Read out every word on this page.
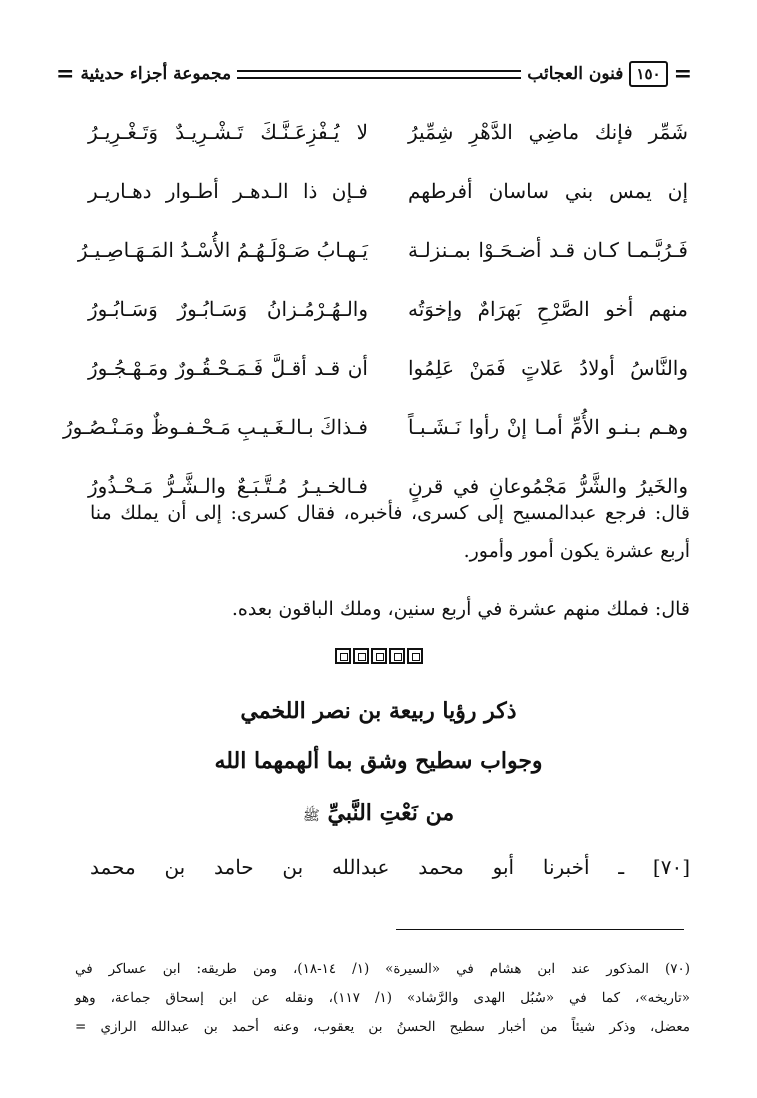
=
١٥٠
فنون العجائب
مجموعة أجزاء حديثية
=
شَمِّر فإنك ماضِي الدَّهْرِ شِمِّيرُ
لا يُـفْزِعَـنَّـكَ تَـشْـرِيـدٌ وَتَـغْـرِيـرُ
إن يمس بني ساسان أفرطهم
فـإن ذا الـدهـر أطـوار دهـاريـر
فَـرُبَّـمـا كـان قـد أضـحَـوْا بمـنزلـة
يَـهـابُ صَـوْلَـهُـمُ الأُسْـدُ المَـهَـاصِـيـرُ
منهم أخو الصَّرْحِ بَهرَامٌ وإخوَتُه
والـهُـرْمُـزانُ وَسَـابُـورٌ وَسَـابُـورُ
والنَّاسُ أولادُ عَلاتٍ فَمَنْ عَلِمُوا
أن قـد أقـلَّ فَـمَـحْـقُـورٌ ومَـهْـجُـورُ
وهـم بـنـو الأُمِّ أمـا إنْ رأوا نَـشَـبـاً
فـذاكَ بـالـغَـيـبِ مَـحْـفـوظٌ ومَـنْـصُـورُ
والخَيرُ والشَّرُّ مَجْمُوعانِ في قرنٍ
فـالخـيـرُ مُـتَّـبَـعٌ والـشَّـرُّ مَـحْـذُورُ
قال: فرجع عبدالمسيح إلى كسرى، فأخبره، فقال كسرى: إلى أن يملك منا أربع عشرة يكون أمور وأمور.
قال: فملك منهم عشرة في أربع سنين، وملك الباقون بعده.
ذكر رؤيا ربيعة بن نصر اللخمي
وجواب سطيح وشق بما ألهمهما الله
من نَعْتِ النَّبيِّ ﷺ
[٧٠] ـ أخبرنا أبو محمد عبدالله بن حامد بن محمد
(٧٠) المذكور عند ابن هشام في «السيرة» (١/ ١٤-١٨)، ومن طريقه: ابن عساكر في
«تاريخه»، كما في «سُبُل الهدى والرَّشاد» (١/ ١١٧)، ونقله عن ابن إسحاق جماعة، وهو
معضل، وذكر شيئاً من أخبار سطيح الحسنُ بن يعقوب، وعنه أحمد بن عبدالله الرازي =
